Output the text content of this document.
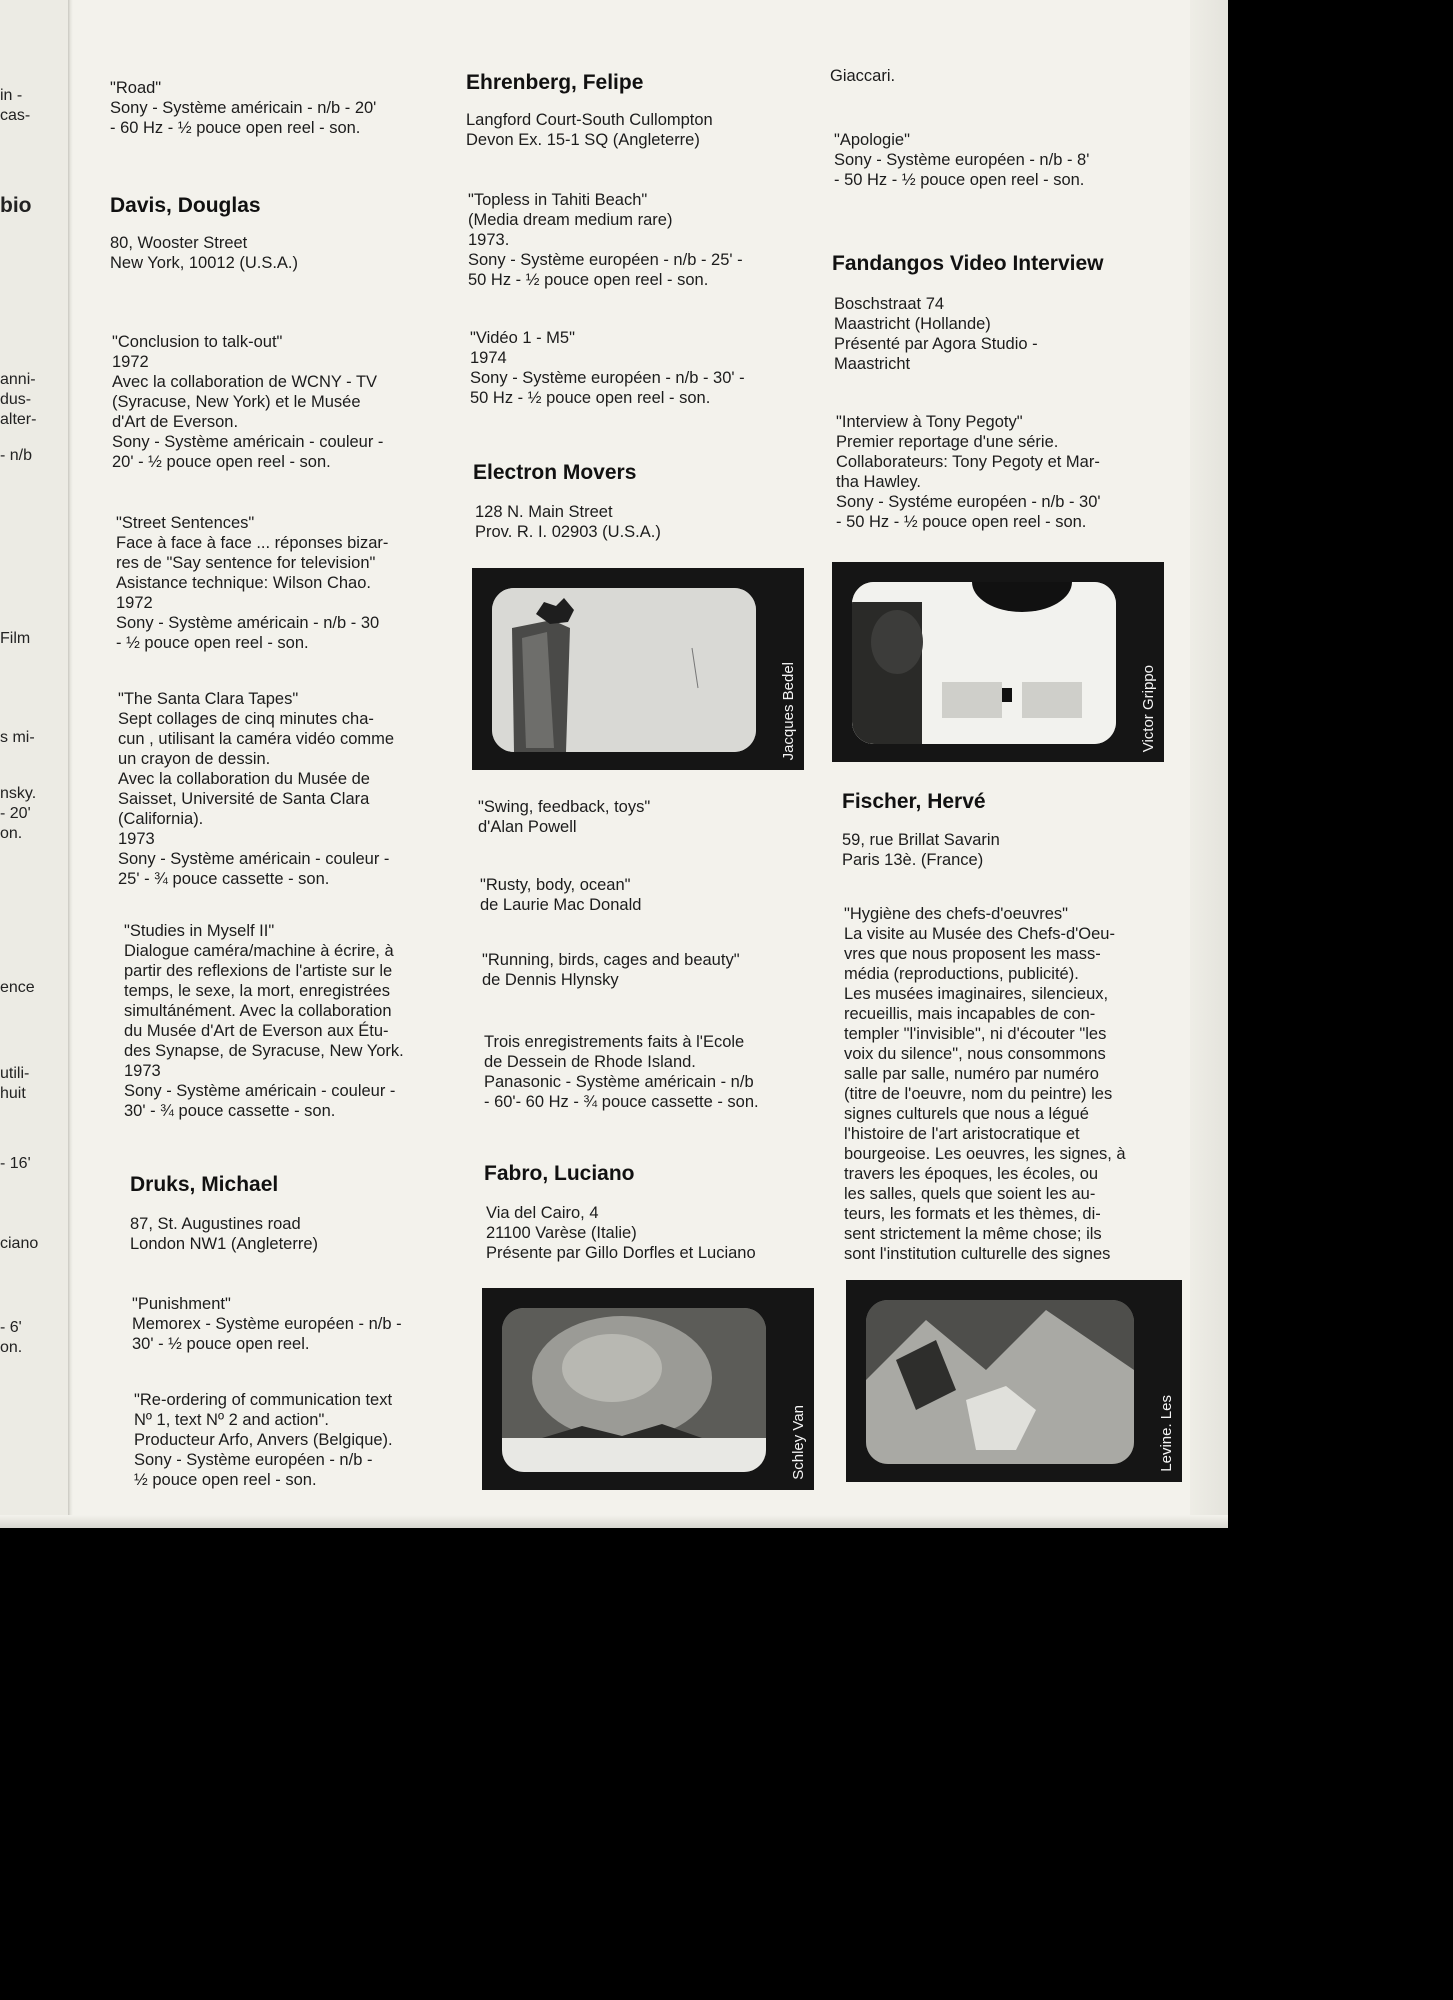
in -
cas-
bio
anni-
dus-
alter-
- n/b
Film
s mi-
nsky.
- 20'
on.
ence
utili-
huit
- 16'
ciano
- 6'
on.
"Road"
Sony - Système américain - n/b - 20'
- 60 Hz - ½ pouce open reel - son.
Davis, Douglas
80, Wooster Street
New York, 10012 (U.S.A.)
"Conclusion to talk-out"
1972
Avec la collaboration de WCNY - TV
(Syracuse, New York) et le Musée
d'Art de Everson.
Sony - Système américain - couleur -
20' - ½ pouce open reel - son.
"Street Sentences"
Face à face à face ... réponses bizar-
res de "Say sentence for television"
Asistance technique: Wilson Chao.
1972
Sony - Système américain - n/b - 30
- ½ pouce open reel - son.
"The Santa Clara Tapes"
Sept collages de cinq minutes cha-
cun , utilisant la caméra vidéo comme
un crayon de dessin.
Avec la collaboration du Musée de
Saisset, Université de Santa Clara
(California).
1973
Sony - Système américain - couleur -
25' - ¾ pouce cassette - son.
"Studies in Myself II"
Dialogue caméra/machine à écrire, à
partir des reflexions de l'artiste sur le
temps, le sexe, la mort, enregistrées
simultánément. Avec la collaboration
du Musée d'Art de Everson aux Étu-
des Synapse, de Syracuse, New York.
1973
Sony - Système américain - couleur -
30' - ¾ pouce cassette - son.
Druks, Michael
87, St. Augustines road
London NW1 (Angleterre)
"Punishment"
Memorex - Système européen - n/b -
30' - ½ pouce open reel.
"Re-ordering of communication text
Nº 1, text Nº 2 and action".
Producteur Arfo, Anvers (Belgique).
Sony - Système européen - n/b -
½ pouce open reel - son.
Ehrenberg, Felipe
Langford Court-South Cullompton
Devon Ex. 15-1 SQ (Angleterre)
"Topless in Tahiti Beach"
(Media dream medium rare)
1973.
Sony - Système européen - n/b - 25' -
50 Hz - ½ pouce open reel - son.
"Vidéo 1 - M5"
1974
Sony - Système européen - n/b - 30' -
50 Hz - ½ pouce open reel - son.
Electron Movers
128 N. Main Street
Prov. R. I. 02903 (U.S.A.)
Jacques Bedel
"Swing, feedback, toys"
d'Alan Powell
"Rusty, body, ocean"
de Laurie Mac Donald
"Running, birds, cages and beauty"
de Dennis Hlynsky
Trois enregistrements faits à l'Ecole
de Dessein de Rhode Island.
Panasonic - Système américain - n/b
- 60'- 60 Hz - ¾ pouce cassette - son.
Fabro, Luciano
Via del Cairo, 4
21100 Varèse (Italie)
Présente par Gillo Dorfles et Luciano
Schley Van
Giaccari.
"Apologie"
Sony - Système européen - n/b - 8'
- 50 Hz - ½ pouce open reel - son.
Fandangos Video Interview
Boschstraat 74
Maastricht (Hollande)
Présenté par Agora Studio -
Maastricht
"Interview à Tony Pegoty"
Premier reportage d'une série.
Collaborateurs: Tony Pegoty et Mar-
tha Hawley.
Sony - Systéme européen - n/b - 30'
- 50 Hz - ½ pouce open reel - son.
Victor Grippo
Fischer, Hervé
59, rue Brillat Savarin
Paris 13è. (France)
"Hygiène des chefs-d'oeuvres"
La visite au Musée des Chefs-d'Oeu-
vres que nous proposent les mass-
média (reproductions, publicité).
Les musées imaginaires, silencieux,
recueillis, mais incapables de con-
templer "l'invisible", ni d'écouter "les
voix du silence", nous consommons
salle par salle, numéro par numéro
(titre de l'oeuvre, nom du peintre) les
signes culturels que nous a légué
l'histoire de l'art aristocratique et
bourgeoise. Les oeuvres, les signes, à
travers les époques, les écoles, ou
les salles, quels que soient les au-
teurs, les formats et les thèmes, di-
sent strictement la même chose; ils
sont l'institution culturelle des signes
Levine. Les
